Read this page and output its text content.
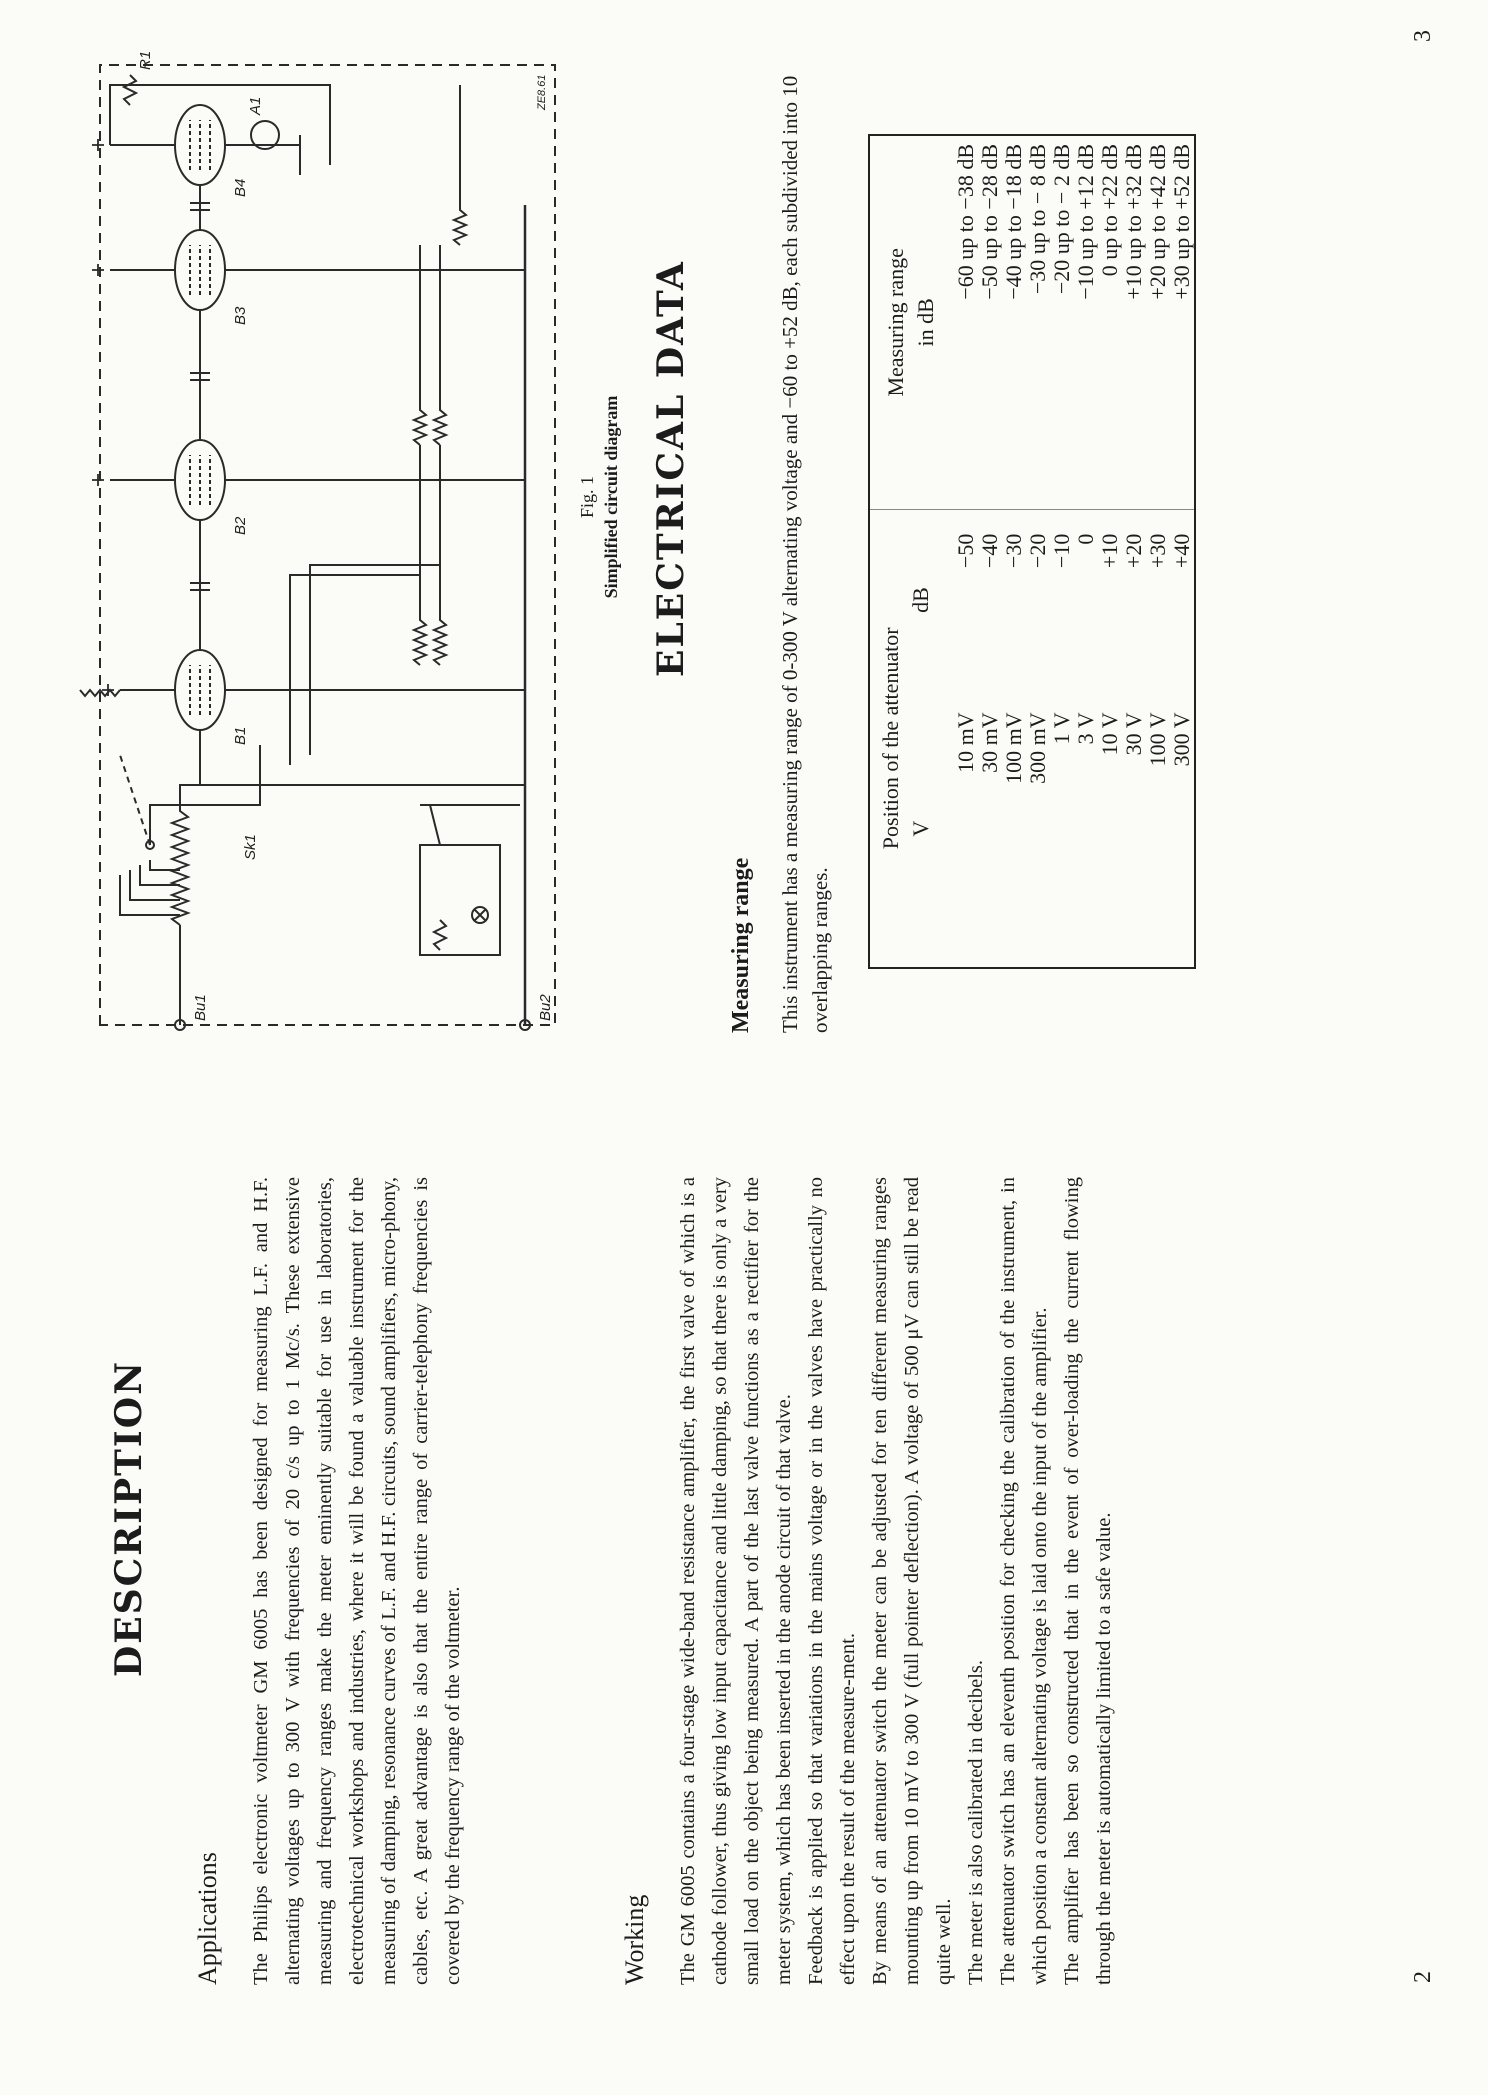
DESCRIPTION
Applications The Philips electronic voltmeter GM 6005 has been designed for measuring L.F. and H.F. alternating voltages up to 300 V with frequencies of 20 c/s up to 1 Mc/s. These extensive measuring and frequency ranges make the meter eminently suitable for use in laboratories, electrotechnical workshops and industries, where it will be found a valuable instrument for the measuring of damping, resonance curves of L.F. and H.F. circuits, sound amplifiers, micro-phony, cables, etc. A great advantage is also that the entire range of carrier-telephony frequencies is covered by the frequency range of the voltmeter.	Working The GM 6005 contains a four-stage wide-band resistance amplifier, the first valve of which is a cathode follower, thus giving low input capacitance and little damping, so that there is only a very small load on the object being measured. A part of the last valve functions as a rectifier for the meter system, which has been inserted in the anode circuit of that valve. Feedback is applied so that variations in the mains voltage or in the valves have practically no effect upon the result of the measure-ment. By means of an attenuator switch the meter can be adjusted for ten different measuring ranges mounting up from 10 mV to 300 V (full pointer deflection). A voltage of 500 μV can still be read quite well. The meter is also calibrated in decibels. The attenuator switch has an eleventh position for checking the calibration of the instrument, in which position a constant alternating voltage is laid onto the input of the amplifier. The amplifier has been so constructed that in the event of over-loading the current flowing through the meter is automatically limited to a safe value.	2
Bu1	Bu2
Sk1
B1
B2
B3
B4
R1
A1	ZE8.61
Fig. 1 Simplified circuit diagram ELECTRICAL DATA
Measuring range This instrument has a measuring range of 0-300 V alternating voltage and −60 to +52 dB, each subdivided into 10 overlapping ranges.

Position of the attenuator		Measuring range in dB

V	dB	
10 mV	−50	−60 up to −38 dB
30 mV	−40	−50 up to −28 dB
100 mV	−30	−40 up to −18 dB
300 mV	−20	−30 up to − 8 dB
1 V	−10	−20 up to − 2 dB
3 V	0	−10 up to +12 dB
10 V	+10	0 up to +22 dB
30 V	+20	+10 up to +32 dB
100 V	+30	+20 up to +42 dB
300 V	+40	+30 up to +52 dB
3
